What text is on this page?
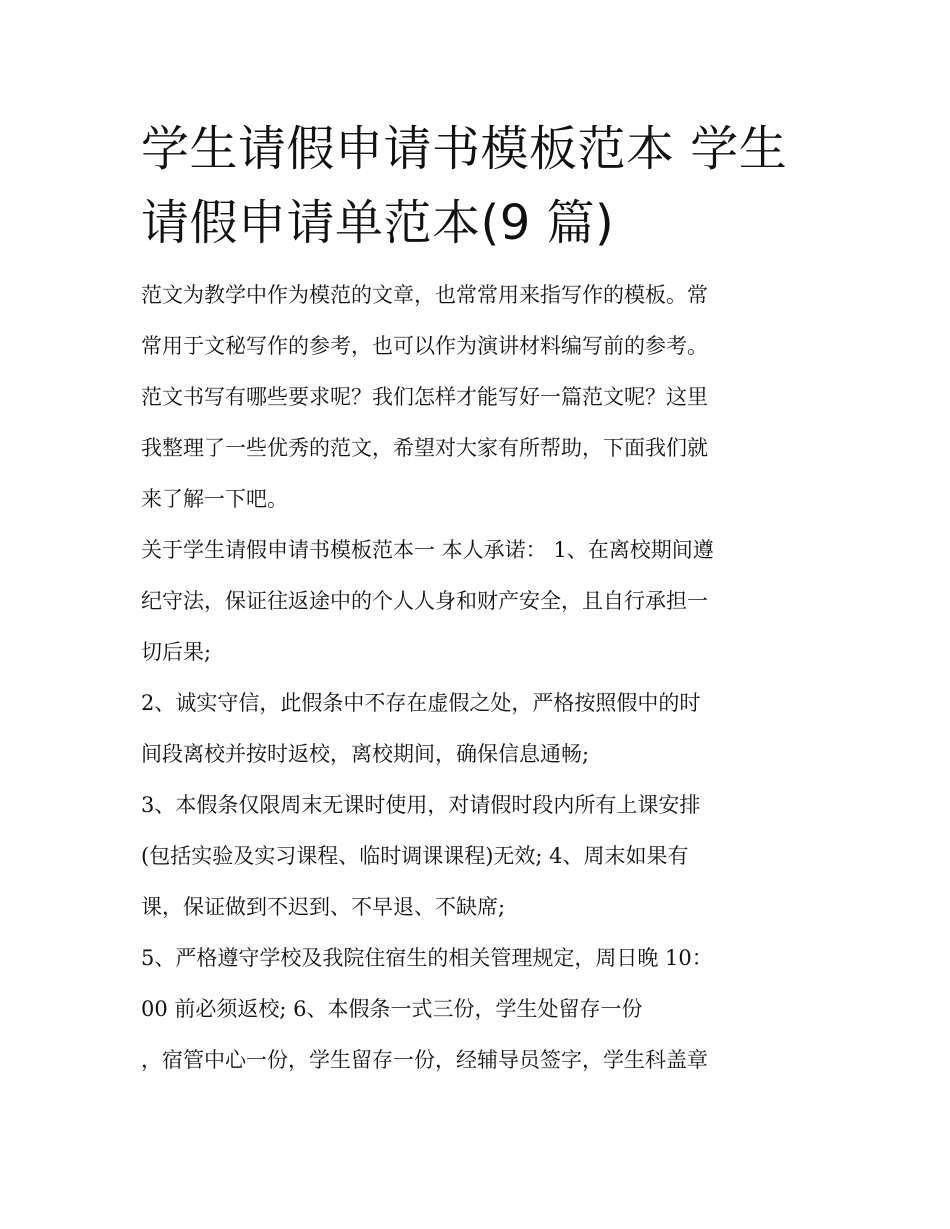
学生请假申请书模板范本 学生
请假申请单范本(9 篇)
范文为教学中作为模范的文章，也常常用来指写作的模板。常
常用于文秘写作的参考，也可以作为演讲材料编写前的参考。
范文书写有哪些要求呢？我们怎样才能写好一篇范文呢？这里
我整理了一些优秀的范文，希望对大家有所帮助，下面我们就
来了解一下吧。
关于学生请假申请书模板范本一 本人承诺： 1、在离校期间遵
纪守法，保证往返途中的个人人身和财产安全，且自行承担一
切后果;
2、诚实守信，此假条中不存在虚假之处，严格按照假中的时
间段离校并按时返校，离校期间，确保信息通畅;
3、本假条仅限周末无课时使用，对请假时段内所有上课安排
(包括实验及实习课程、临时调课课程)无效; 4、周末如果有
课，保证做到不迟到、不早退、不缺席;
5、严格遵守学校及我院住宿生的相关管理规定，周日晚 10：
00 前必须返校; 6、本假条一式三份，学生处留存一份
，宿管中心一份，学生留存一份，经辅导员签字，学生科盖章
